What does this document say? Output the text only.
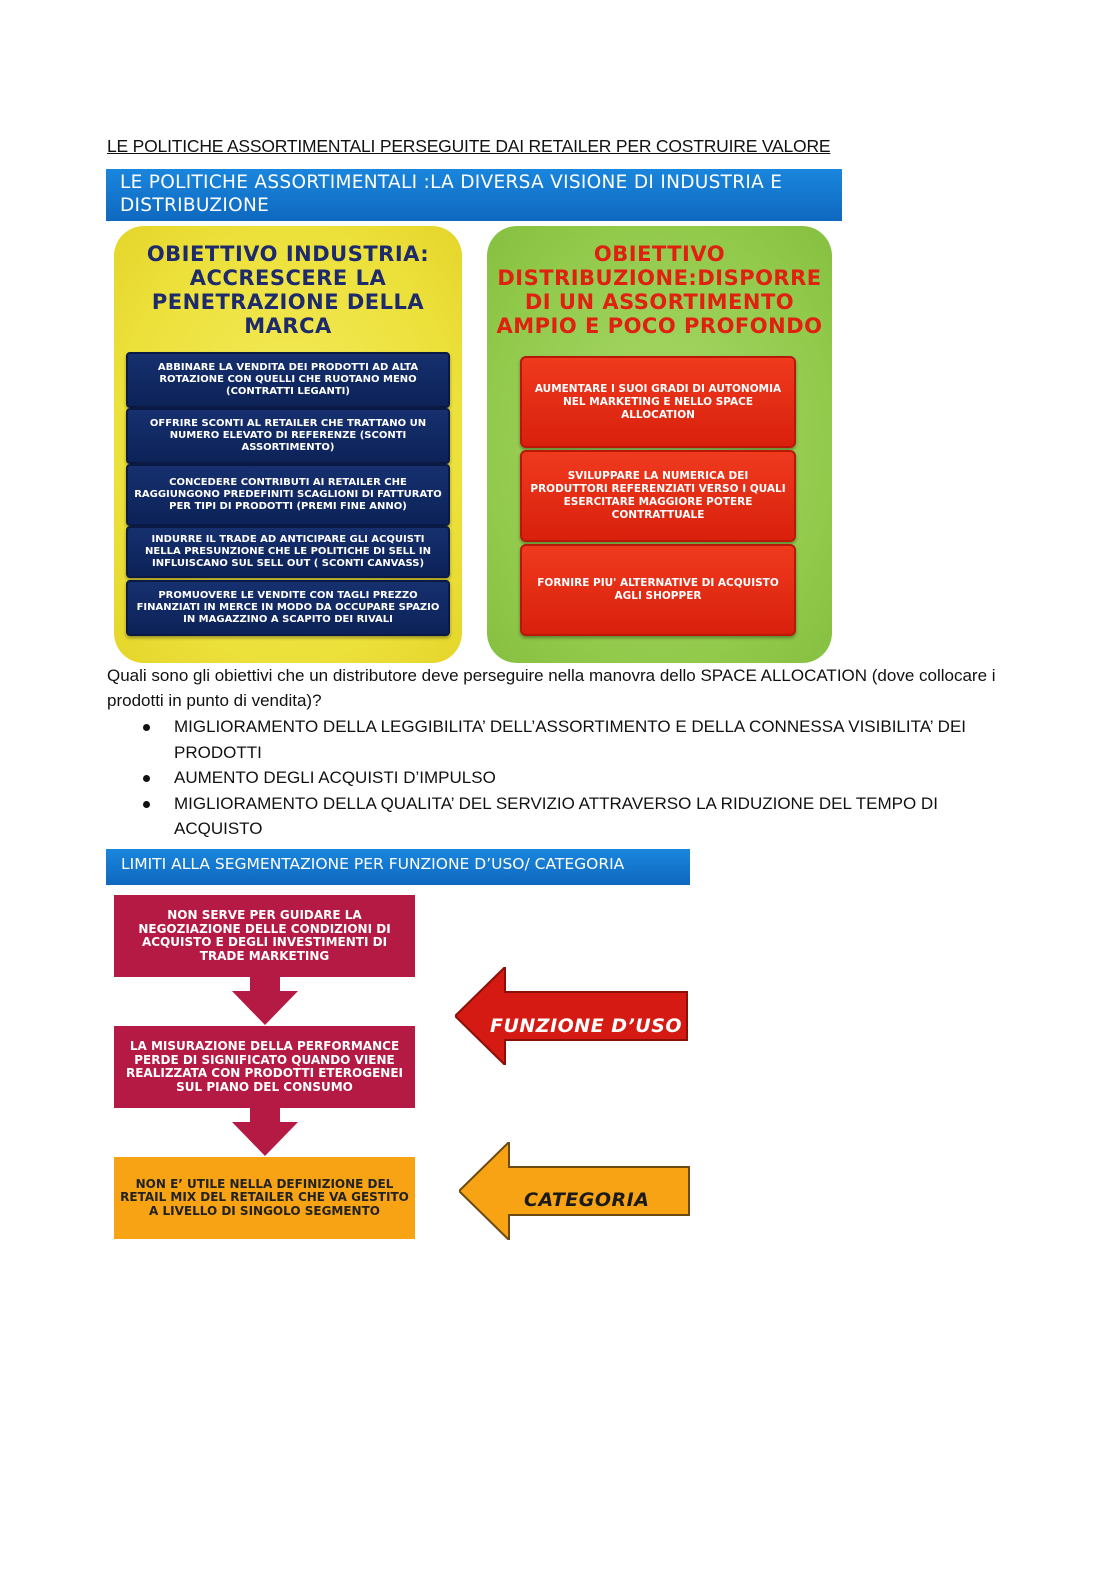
LE POLITICHE ASSORTIMENTALI PERSEGUITE DAI RETAILER PER COSTRUIRE VALORE
LE POLITICHE ASSORTIMENTALI :LA DIVERSA VISIONE DI INDUSTRIA E
DISTRIBUZIONE
OBIETTIVO INDUSTRIA:
ACCRESCERE LA
PENETRAZIONE DELLA
MARCA
ABBINARE LA VENDITA DEI PRODOTTI AD ALTA ROTAZIONE CON QUELLI CHE RUOTANO MENO (CONTRATTI LEGANTI)
OFFRIRE SCONTI AL RETAILER CHE TRATTANO UN NUMERO ELEVATO DI REFERENZE (SCONTI ASSORTIMENTO)
CONCEDERE CONTRIBUTI AI RETAILER CHE RAGGIUNGONO PREDEFINITI SCAGLIONI DI FATTURATO PER TIPI DI PRODOTTI (PREMI FINE ANNO)
INDURRE IL TRADE AD ANTICIPARE GLI ACQUISTI NELLA PRESUNZIONE CHE LE POLITICHE DI SELL IN INFLUISCANO SUL SELL OUT ( SCONTI CANVASS)
PROMUOVERE LE VENDITE CON TAGLI PREZZO FINANZIATI IN MERCE IN MODO DA OCCUPARE SPAZIO IN MAGAZZINO A SCAPITO DEI RIVALI
OBIETTIVO
DISTRIBUZIONE:DISPORRE
DI UN ASSORTIMENTO
AMPIO E POCO PROFONDO
AUMENTARE I SUOI GRADI DI AUTONOMIA NEL MARKETING E NELLO SPACE ALLOCATION
SVILUPPARE LA NUMERICA DEI PRODUTTORI REFERENZIATI VERSO I QUALI ESERCITARE MAGGIORE POTERE CONTRATTUALE
FORNIRE PIU' ALTERNATIVE DI ACQUISTO AGLI SHOPPER
Quali sono gli obiettivi che un distributore deve perseguire nella manovra dello SPACE ALLOCATION (dove collocare i prodotti in punto di vendita)?
MIGLIORAMENTO DELLA LEGGIBILITA’ DELL’ASSORTIMENTO E DELLA CONNESSA VISIBILITA’ DEI PRODOTTI
AUMENTO DEGLI ACQUISTI D’IMPULSO
MIGLIORAMENTO DELLA QUALITA’ DEL SERVIZIO ATTRAVERSO LA RIDUZIONE DEL TEMPO DI ACQUISTO
LIMITI ALLA SEGMENTAZIONE PER FUNZIONE D’USO/ CATEGORIA
NON SERVE PER GUIDARE LA NEGOZIAZIONE DELLE CONDIZIONI DI ACQUISTO E DEGLI INVESTIMENTI DI TRADE MARKETING
LA MISURAZIONE DELLA PERFORMANCE PERDE DI SIGNIFICATO QUANDO VIENE REALIZZATA CON PRODOTTI ETEROGENEI SUL PIANO DEL CONSUMO
NON E’ UTILE NELLA DEFINIZIONE DEL RETAIL MIX DEL RETAILER CHE VA GESTITO A LIVELLO DI SINGOLO SEGMENTO
FUNZIONE D’USO
CATEGORIA
